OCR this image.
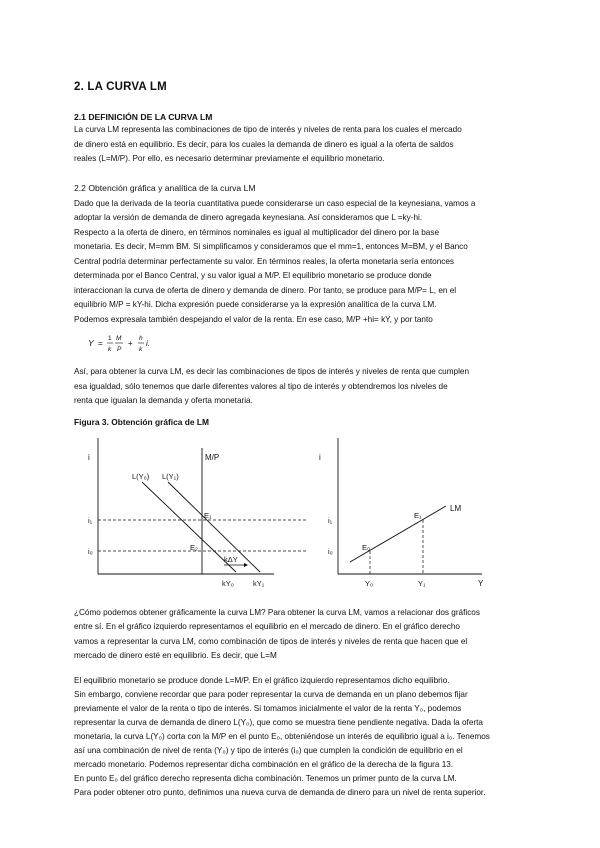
2. LA CURVA LM
2.1 DEFINICIÓN DE LA CURVA LM
La curva LM representa las combinaciones de tipo de interés y niveles de renta para los cuales el mercado
de dinero está en equilibrio. Es decir, para los cuales la demanda de dinero es igual a la oferta de saldos
reales (L=M/P). Por ello, es necesario determinar previamente el equilibrio monetario.
2.2 Obtención gráfica y analítica de la curva LM
Dado que la derivada de la teoría cuantitativa puede considerarse un caso especial de la keynesiana, vamos a
adoptar la versión de demanda de dinero agregada keynesiana. Así consideramos que L =ky-hi.
Respecto a la oferta de dinero, en términos nominales es igual al multiplicador del dinero por la base
monetaria. Es decir, M=mm BM. Si simplificamos y consideramos que el mm=1, entonces M=BM, y el Banco
Central podría determinar perfectamente su valor. En términos reales, la oferta monetaria sería entonces
determinada por el Banco Central, y su valor igual a M/P. El equilibrio monetario se produce donde
interaccionan la curva de oferta de dinero y demanda de dinero. Por tanto, se produce para M/P= L, en el
equilibrio M/P = kY-hi. Dicha expresión puede considerarse ya la expresión analítica de la curva LM.
Podemos expresala también despejando el valor de la renta. En ese caso, M/P +hi= kY, y por tanto
Y =
1
k
M
P
+
h
k
i.
Así, para obtener la curva LM, es decir las combinaciones de tipos de interés y niveles de renta que cumplen
esa igualdad, sólo tenemos que darle diferentes valores al tipo de interés y obtendremos los niveles de
renta que igualan la demanda y oferta monetaria.
Figura 3. Obtención gráfica de LM
i	M/P
L(Y₀) L(Y₁)
i₁
i₀
E₁
E₂
kΔY
kY₀	kY₁
i
LM
i₁
i₀
E₁
E₀
Y₀	Y₁	Y
¿Cómo podemos obtener gráficamente la curva LM? Para obtener la curva LM, vamos a relacionar dos gráficos
entre sí. En el gráfico izquierdo representamos el equilibrio en el mercado de dinero. En el gráfico derecho
vamos a representar la curva LM, como combinación de tipos de interés y niveles de renta que hacen que el
mercado de dinero esté en equilibrio. Es decir, que L=M
El equilibrio monetario se produce donde L=M/P. En el gráfico izquierdo representamos dicho equilibrio.
Sin embargo, conviene recordar que para poder representar la curva de demanda en un plano debemos fijar
previamente el valor de la renta o tipo de interés. Si tomamos inicialmente el valor de la renta Y₀, podemos
representar la curva de demanda de dinero L(Y₀), que como se muestra tiene pendiente negativa. Dada la oferta
monetaria, la curva L(Y₀) corta con la M/P en el punto E₀, obteniéndose un interés de equilibrio igual a i₀. Tenemos
así una combinación de nivel de renta (Y₀) y tipo de interés (i₀) que cumplen la condición de equilibrio en el
mercado monetario. Podemos representar dicha combinación en el gráfico de la derecha de la figura 13.
En punto E₀ del gráfico derecho representa dicha combinación. Tenemos un primer punto de la curva LM.
Para poder obtener otro punto, definimos una nueva curva de demanda de dinero para un nivel de renta superior.
